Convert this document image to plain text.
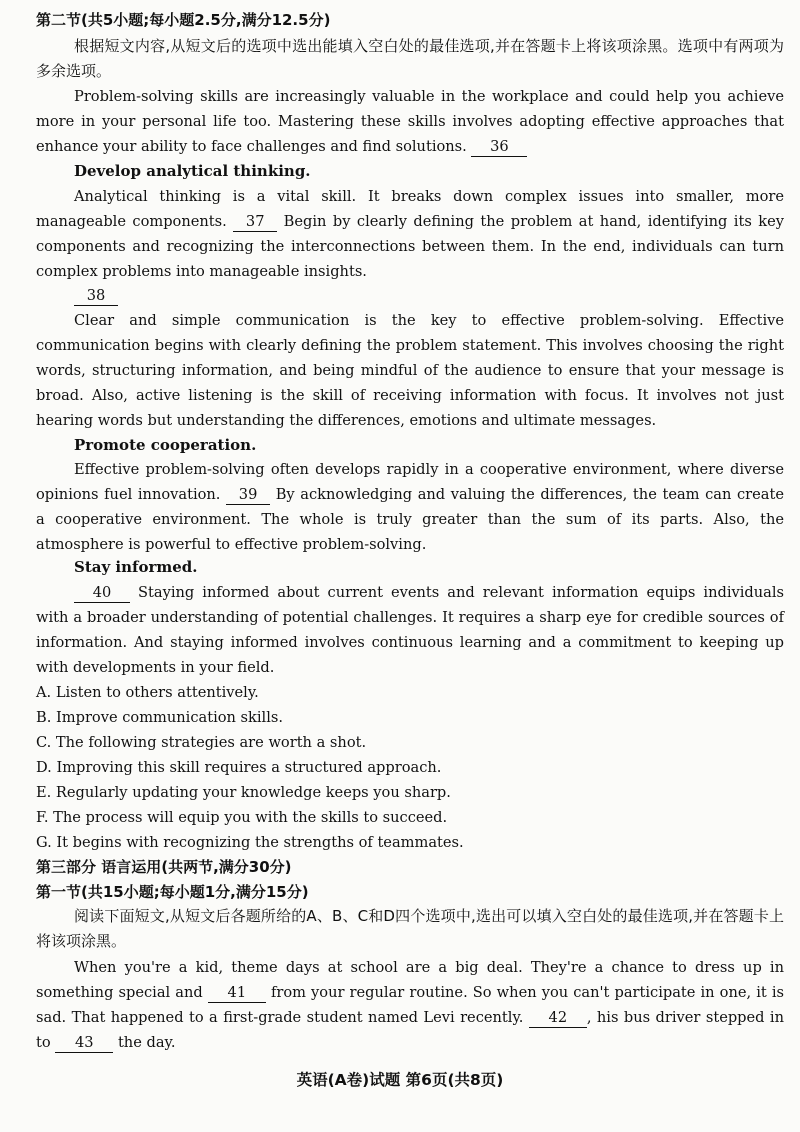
第二节(共5小题;每小题2.5分,满分12.5分)

根据短文内容,从短文后的选项中选出能填入空白处的最佳选项,并在答题卡上将该项涂黑。选项中有两项为多余选项。

Problem-solving skills are increasingly valuable in the workplace and could help you achieve more in your personal life too. Mastering these skills involves adopting effective approaches that enhance your ability to face challenges and find solutions. 36

Develop analytical thinking.

Analytical thinking is a vital skill. It breaks down complex issues into smaller, more manageable components. 37 Begin by clearly defining the problem at hand, identifying its key components and recognizing the interconnections between them. In the end, individuals can turn complex problems into manageable insights.

38

Clear and simple communication is the key to effective problem-solving. Effective communication begins with clearly defining the problem statement. This involves choosing the right words, structuring information, and being mindful of the audience to ensure that your message is broad. Also, active listening is the skill of receiving information with focus. It involves not just hearing words but understanding the differences, emotions and ultimate messages.

Promote cooperation.

Effective problem-solving often develops rapidly in a cooperative environment, where diverse opinions fuel innovation. 39 By acknowledging and valuing the differences, the team can create a cooperative environment. The whole is truly greater than the sum of its parts. Also, the atmosphere is powerful to effective problem-solving.

Stay informed.

40 Staying informed about current events and relevant information equips individuals with a broader understanding of potential challenges. It requires a sharp eye for credible sources of information. And staying informed involves continuous learning and a commitment to keeping up with developments in your field.

A. Listen to others attentively.

B. Improve communication skills.

C. The following strategies are worth a shot.

D. Improving this skill requires a structured approach.

E. Regularly updating your knowledge keeps you sharp.

F. The process will equip you with the skills to succeed.

G. It begins with recognizing the strengths of teammates.

第三部分 语言运用(共两节,满分30分)

第一节(共15小题;每小题1分,满分15分)

阅读下面短文,从短文后各题所给的A、B、C和D四个选项中,选出可以填入空白处的最佳选项,并在答题卡上将该项涂黑。

When you're a kid, theme days at school are a big deal. They're a chance to dress up in something special and 41 from your regular routine. So when you can't participate in one, it is sad. That happened to a first-grade student named Levi recently. 42 , his bus driver stepped in to 43 the day.

英语(A卷)试题 第6页(共8页)
